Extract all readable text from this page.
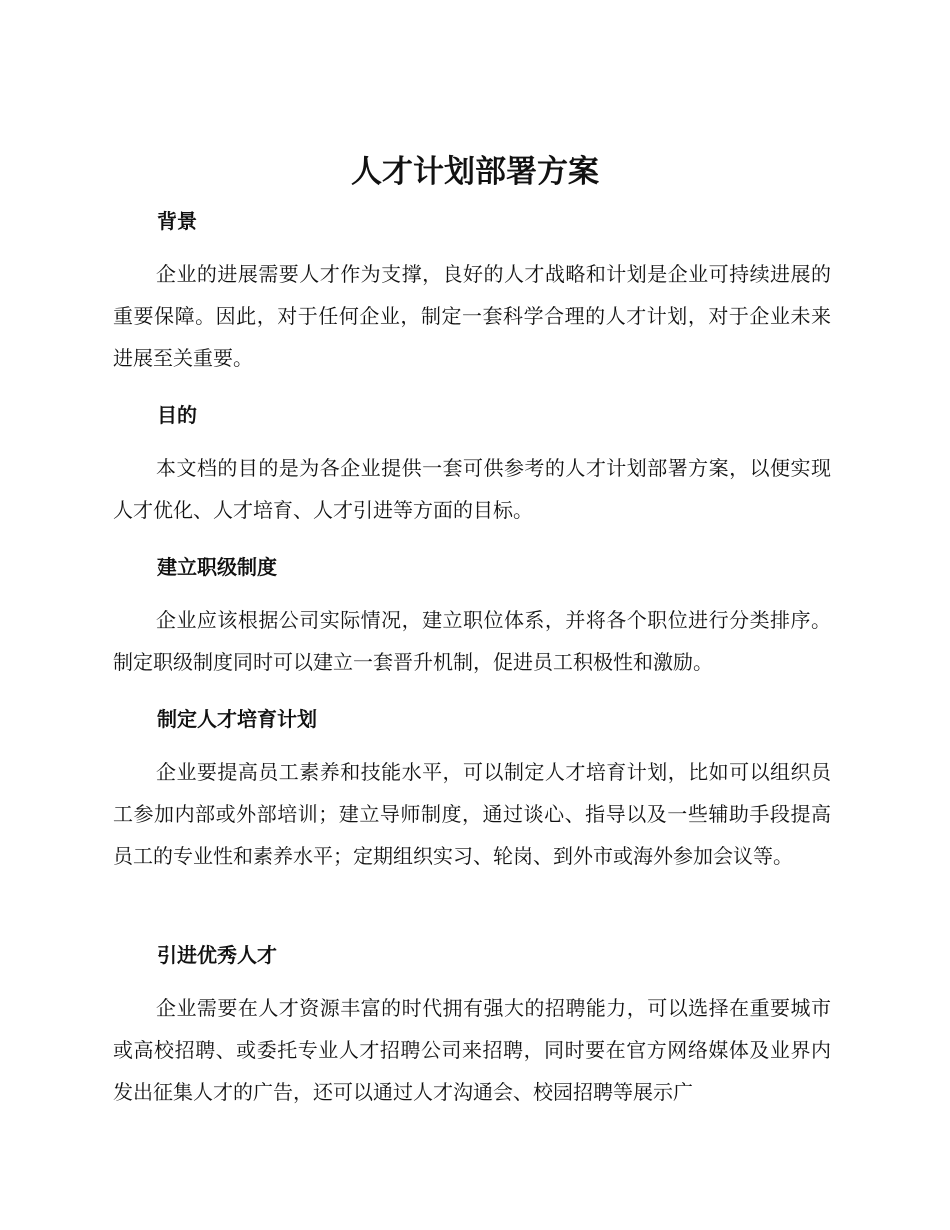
人才计划部署方案
背景

企业的进展需要人才作为支撑，良好的人才战略和计划是企业可持续进展的重要保障。因此，对于任何企业，制定一套科学合理的人才计划，对于企业未来进展至关重要。

目的

本文档的目的是为各企业提供一套可供参考的人才计划部署方案，以便实现人才优化、人才培育、人才引进等方面的目标。

建立职级制度

企业应该根据公司实际情况，建立职位体系，并将各个职位进行分类排序。制定职级制度同时可以建立一套晋升机制，促进员工积极性和激励。

制定人才培育计划

企业要提高员工素养和技能水平，可以制定人才培育计划，比如可以组织员工参加内部或外部培训；建立导师制度，通过谈心、指导以及一些辅助手段提高员工的专业性和素养水平；定期组织实习、轮岗、到外市或海外参加会议等。

引进优秀人才

企业需要在人才资源丰富的时代拥有强大的招聘能力，可以选择在重要城市或高校招聘、或委托专业人才招聘公司来招聘，同时要在官方网络媒体及业界内发出征集人才的广告，还可以通过人才沟通会、校园招聘等展示广
